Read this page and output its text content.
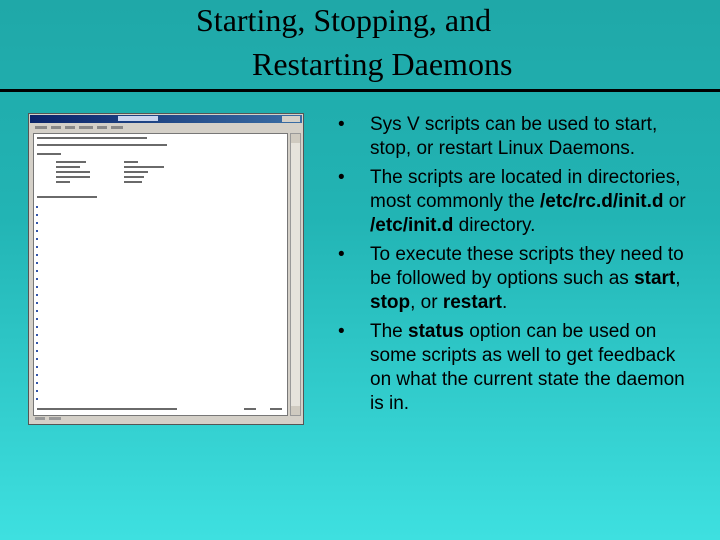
Starting, Stopping, and
Restarting Daemons
• Sys V scripts can be used to start, stop, or restart Linux Daemons.
• The scripts are located in directories, most commonly the /etc/rc.d/init.d or /etc/init.d directory.
• To execute these scripts they need to be followed by options such as start, stop, or restart.
• The status option can be used on some scripts as well to get feedback on what the current state the daemon is in.
